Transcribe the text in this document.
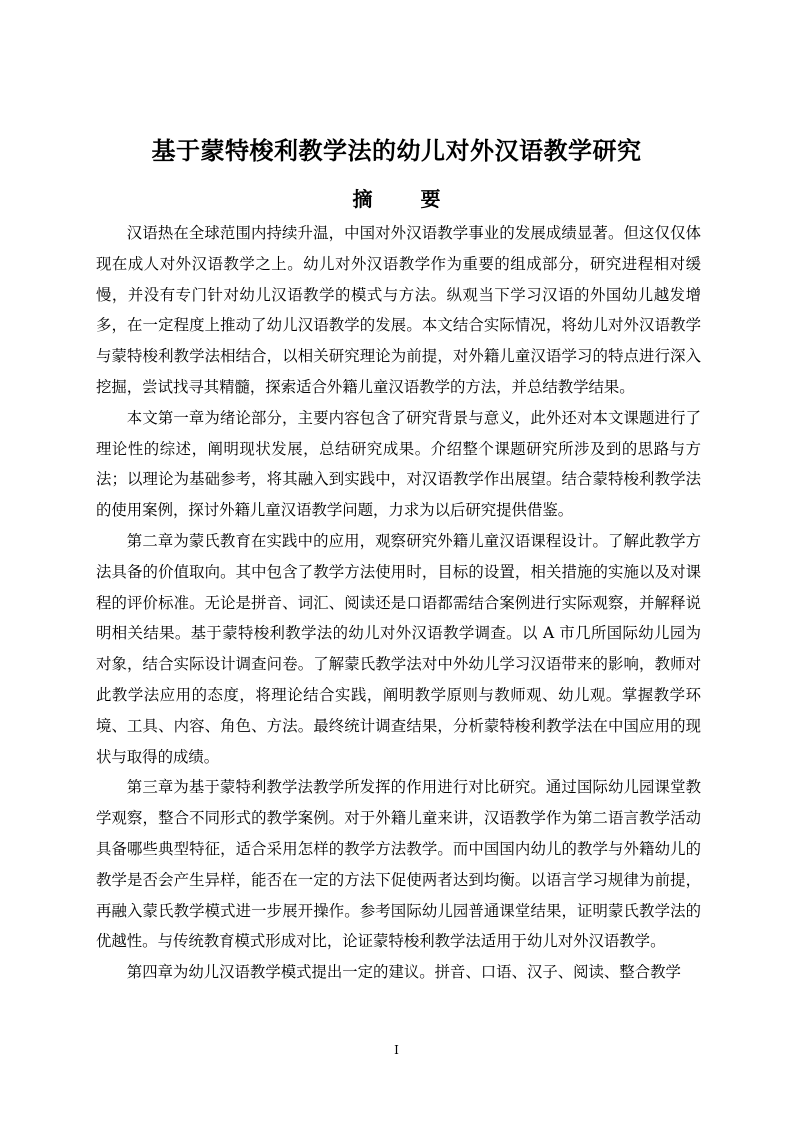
基于蒙特梭利教学法的幼儿对外汉语教学研究
摘　要

汉语热在全球范围内持续升温，中国对外汉语教学事业的发展成绩显著。但这仅仅体现在成人对外汉语教学之上。幼儿对外汉语教学作为重要的组成部分，研究进程相对缓慢，并没有专门针对幼儿汉语教学的模式与方法。纵观当下学习汉语的外国幼儿越发增多，在一定程度上推动了幼儿汉语教学的发展。本文结合实际情况，将幼儿对外汉语教学与蒙特梭利教学法相结合，以相关研究理论为前提，对外籍儿童汉语学习的特点进行深入挖掘，尝试找寻其精髓，探索适合外籍儿童汉语教学的方法，并总结教学结果。

本文第一章为绪论部分，主要内容包含了研究背景与意义，此外还对本文课题进行了理论性的综述，阐明现状发展，总结研究成果。介绍整个课题研究所涉及到的思路与方法；以理论为基础参考，将其融入到实践中，对汉语教学作出展望。结合蒙特梭利教学法的使用案例，探讨外籍儿童汉语教学问题，力求为以后研究提供借鉴。

第二章为蒙氏教育在实践中的应用，观察研究外籍儿童汉语课程设计。了解此教学方法具备的价值取向。其中包含了教学方法使用时，目标的设置，相关措施的实施以及对课程的评价标准。无论是拼音、词汇、阅读还是口语都需结合案例进行实际观察，并解释说明相关结果。基于蒙特梭利教学法的幼儿对外汉语教学调查。以 A 市几所国际幼儿园为对象，结合实际设计调查问卷。了解蒙氏教学法对中外幼儿学习汉语带来的影响，教师对此教学法应用的态度，将理论结合实践，阐明教学原则与教师观、幼儿观。掌握教学环境、工具、内容、角色、方法。最终统计调查结果，分析蒙特梭利教学法在中国应用的现状与取得的成绩。

第三章为基于蒙特利教学法教学所发挥的作用进行对比研究。通过国际幼儿园课堂教学观察，整合不同形式的教学案例。对于外籍儿童来讲，汉语教学作为第二语言教学活动具备哪些典型特征，适合采用怎样的教学方法教学。而中国国内幼儿的教学与外籍幼儿的教学是否会产生异样，能否在一定的方法下促使两者达到均衡。以语言学习规律为前提，再融入蒙氏教学模式进一步展开操作。参考国际幼儿园普通课堂结果，证明蒙氏教学法的优越性。与传统教育模式形成对比，论证蒙特梭利教学法适用于幼儿对外汉语教学。

第四章为幼儿汉语教学模式提出一定的建议。拼音、口语、汉子、阅读、整合教学

I
